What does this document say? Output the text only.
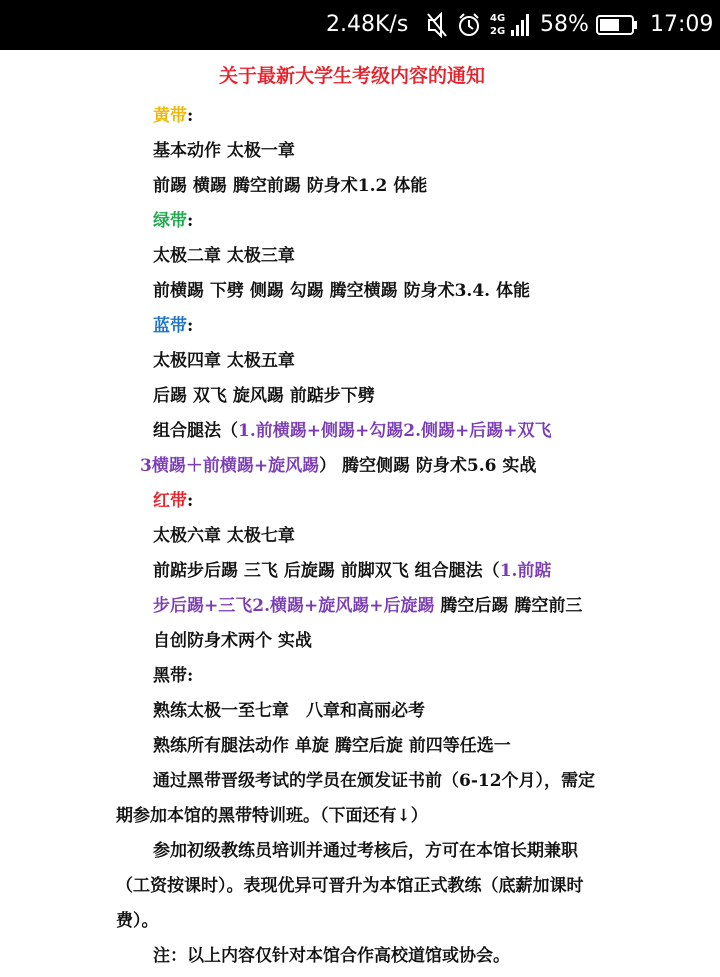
2.48K/s	4G
2G 58%	17:09
关于最新大学生考级内容的通知
黄带:
基本动作 太极一章
前踢 横踢 腾空前踢 防身术1.2 体能
绿带:
太极二章 太极三章
前横踢 下劈 侧踢 勾踢 腾空横踢 防身术3.4. 体能
蓝带:
太极四章 太极五章
后踢 双飞 旋风踢 前踮步下劈
组合腿法（1.前横踢+侧踢+勾踢2.侧踢+后踢+双飞
3横踢＋前横踢+旋风踢） 腾空侧踢 防身术5.6 实战
红带:
太极六章 太极七章
前踮步后踢 三飞 后旋踢 前脚双飞 组合腿法（1.前踮
步后踢+三飞2.横踢+旋风踢+后旋踢 腾空后踢 腾空前三
自创防身术两个 实战
黑带:
熟练太极一至七章　八章和高丽必考
熟练所有腿法动作 单旋 腾空后旋 前四等任选一
通过黑带晋级考试的学员在颁发证书前（6-12个月），需定
期参加本馆的黑带特训班。（下面还有↓）
参加初级教练员培训并通过考核后，方可在本馆长期兼职
（工资按课时）。表现优异可晋升为本馆正式教练（底薪加课时
费）。
注：以上内容仅针对本馆合作高校道馆或协会。
